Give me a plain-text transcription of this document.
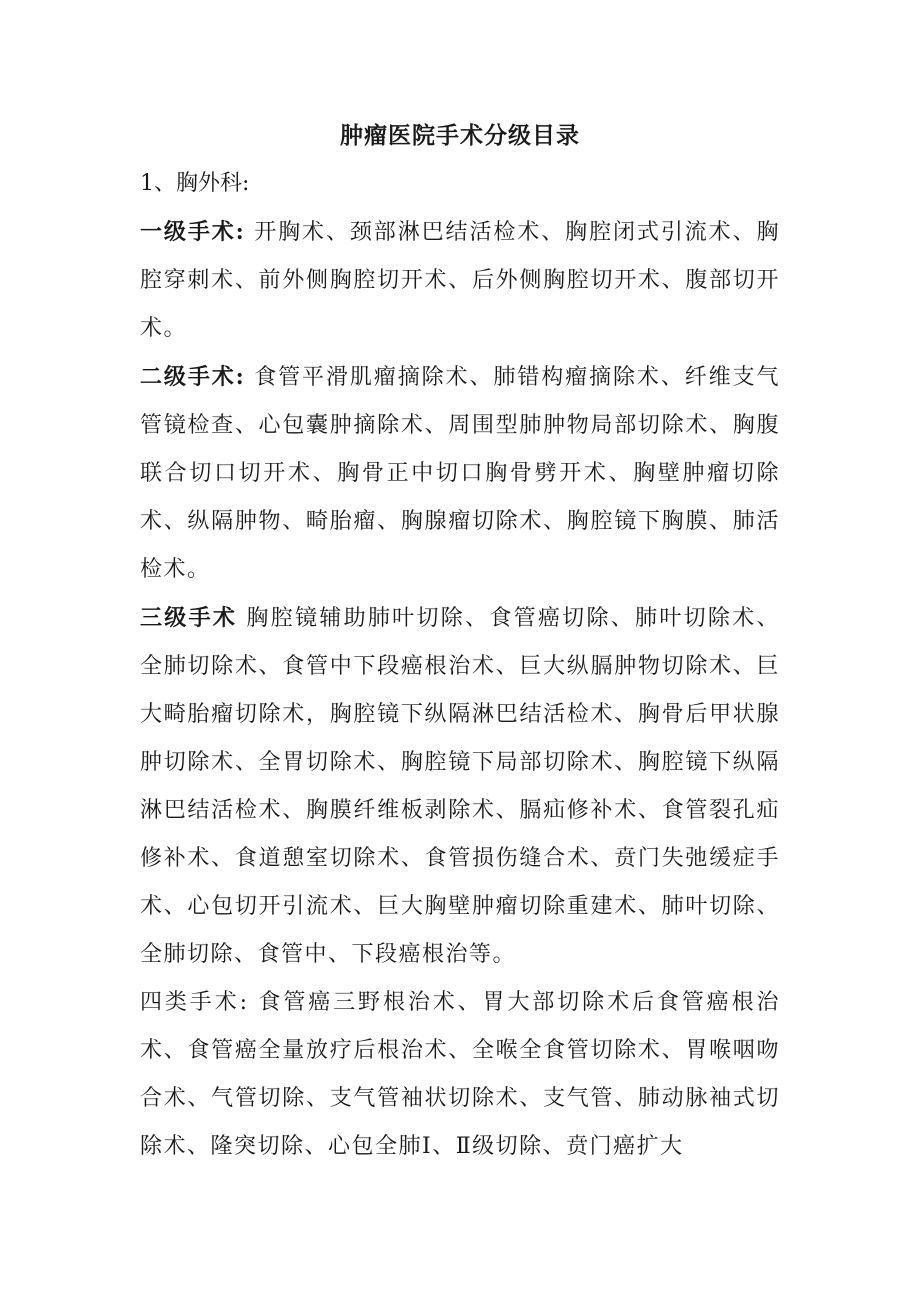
肿瘤医院手术分级目录

1、胸外科:

一级手术: 开胸术、颈部淋巴结活检术、胸腔闭式引流术、胸腔穿刺术、前外侧胸腔切开术、后外侧胸腔切开术、腹部切开术。

二级手术: 食管平滑肌瘤摘除术、肺错构瘤摘除术、纤维支气管镜检查、心包囊肿摘除术、周围型肺肿物局部切除术、胸腹联合切口切开术、胸骨正中切口胸骨劈开术、胸壁肿瘤切除术、纵隔肿物、畸胎瘤、胸腺瘤切除术、胸腔镜下胸膜、肺活检术。

三级手术 胸腔镜辅助肺叶切除、食管癌切除、肺叶切除术、全肺切除术、食管中下段癌根治术、巨大纵膈肿物切除术、巨大畸胎瘤切除术，胸腔镜下纵隔淋巴结活检术、胸骨后甲状腺肿切除术、全胃切除术、胸腔镜下局部切除术、胸腔镜下纵隔淋巴结活检术、胸膜纤维板剥除术、膈疝修补术、食管裂孔疝修补术、食道憩室切除术、食管损伤缝合术、贲门失弛缓症手术、心包切开引流术、巨大胸壁肿瘤切除重建术、肺叶切除、全肺切除、食管中、下段癌根治等。

四类手术: 食管癌三野根治术、胃大部切除术后食管癌根治术、食管癌全量放疗后根治术、全喉全食管切除术、胃喉咽吻合术、气管切除、支气管袖状切除术、支气管、肺动脉袖式切除术、隆突切除、心包全肺Ⅰ、Ⅱ级切除、贲门癌扩大
